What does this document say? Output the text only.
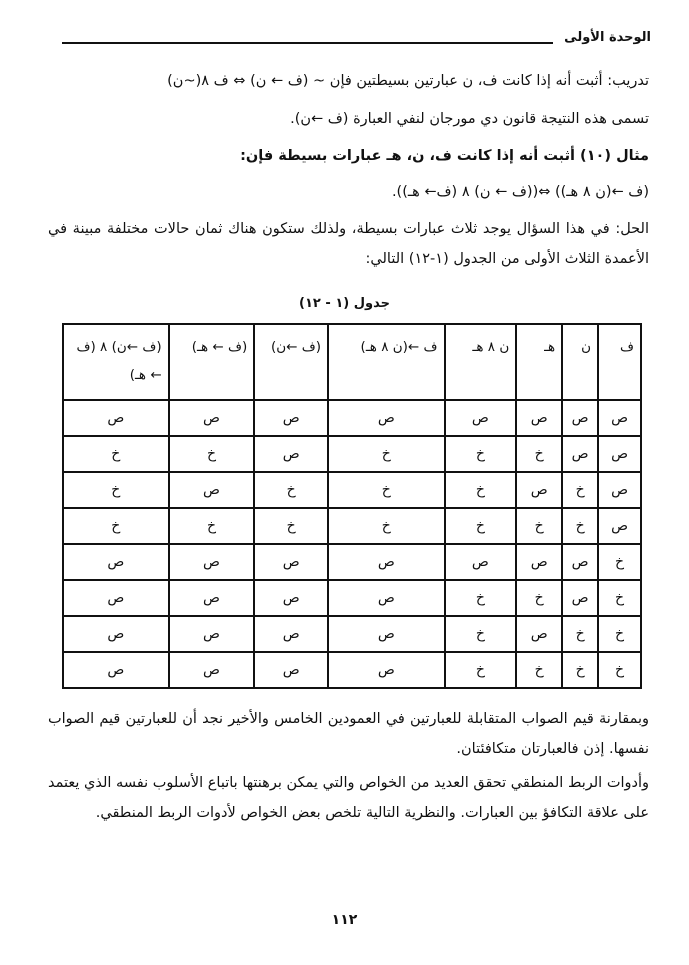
الوحدة الأولى
تدريب: أثبت أنه إذا كانت ف، ن عبارتين بسيطتين فإن ~ (ف ← ن) ⇔ ف ٨(~ن)
تسمى هذه النتيجة قانون دي مورجان لنفي العبارة (ف ←ن).
مثال (١٠) أثبت أنه إذا كانت ف، ن، هـ عبارات بسيطة فإن:
(ف ←(ن ٨ هـ)) ⇔((ف ← ن) ٨ (ف← هـ)).
الحل: في هذا السؤال يوجد ثلاث عبارات بسيطة، ولذلك ستكون هناك ثمان حالات مختلفة مبينة في الأعمدة الثلاث الأولى من الجدول (١-١٢) التالي:
جدول (١ - ١٢)
ف	ن	هـ	ن ٨ هـ	ف ←(ن ٨ هـ)	(ف ←ن)	(ف ← هـ)	(ف ←ن) ٨ (ف ← هـ)
ص	ص	ص	ص	ص	ص	ص	ص
ص	ص	خ	خ	خ	ص	خ	خ
ص	خ	ص	خ	خ	خ	ص	خ
ص	خ	خ	خ	خ	خ	خ	خ
خ	ص	ص	ص	ص	ص	ص	ص
خ	ص	خ	خ	ص	ص	ص	ص
خ	خ	ص	خ	ص	ص	ص	ص
خ	خ	خ	خ	ص	ص	ص	ص
وبمقارنة قيم الصواب المتقابلة للعبارتين في العمودين الخامس والأخير نجد أن للعبارتين قيم الصواب نفسها. إذن فالعبارتان متكافئتان.
وأدوات الربط المنطقي تحقق العديد من الخواص والتي يمكن برهنتها باتباع الأسلوب نفسه الذي يعتمد على علاقة التكافؤ بين العبارات. والنظرية التالية تلخص بعض الخواص لأدوات الربط المنطقي.
١١٢
